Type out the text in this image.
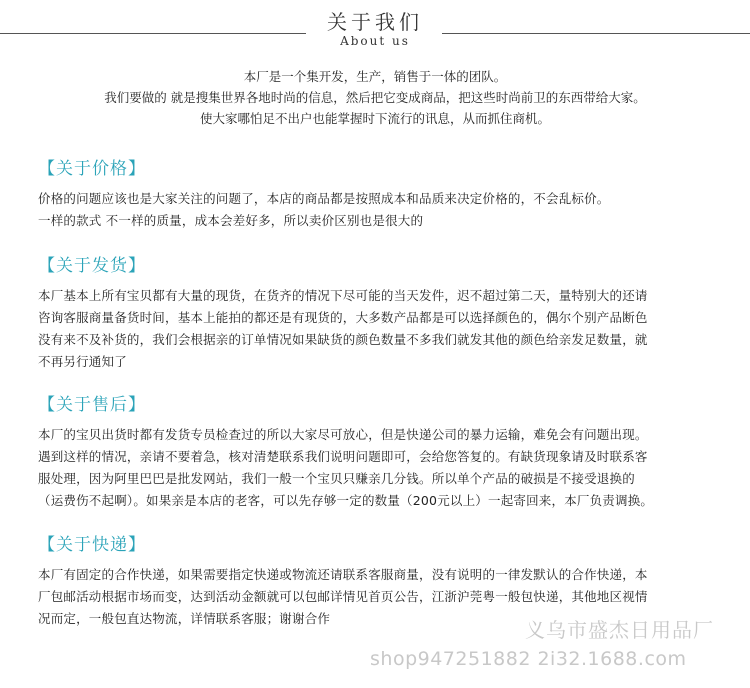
关于我们
About us

本厂是一个集开发，生产，销售于一体的团队。

我们要做的 就是搜集世界各地时尚的信息，然后把它变成商品，把这些时尚前卫的东西带给大家。

使大家哪怕足不出户也能掌握时下流行的讯息，从而抓住商机。

【关于价格】

价格的问题应该也是大家关注的问题了，本店的商品都是按照成本和品质来决定价格的，不会乱标价。

一样的款式 不一样的质量，成本会差好多，所以卖价区别也是很大的

【关于发货】

本厂基本上所有宝贝都有大量的现货，在货齐的情况下尽可能的当天发件，迟不超过第二天，量特别大的还请

咨询客服商量备货时间，基本上能拍的都还是有现货的，大多数产品都是可以选择颜色的，偶尔个别产品断色

没有来不及补货的，我们会根据亲的订单情况如果缺货的颜色数量不多我们就发其他的颜色给亲发足数量，就

不再另行通知了

【关于售后】

本厂的宝贝出货时都有发货专员检查过的所以大家尽可放心，但是快递公司的暴力运输，难免会有问题出现。

遇到这样的情况，亲请不要着急，核对清楚联系我们说明问题即可，会给您答复的。有缺货现象请及时联系客

服处理，因为阿里巴巴是批发网站，我们一般一个宝贝只赚亲几分钱。所以单个产品的破损是不接受退换的

（运费伤不起啊）。如果亲是本店的老客，可以先存够一定的数量（200元以上）一起寄回来，本厂负责调换。

【关于快递】

本厂有固定的合作快递，如果需要指定快递或物流还请联系客服商量，没有说明的一律发默认的合作快递，本

厂包邮活动根据市场而变，达到活动金额就可以包邮详情见首页公告，江浙沪莞粤一般包快递，其他地区视情

况而定，一般包直达物流，详情联系客服；谢谢合作	义乌市盛杰日用品厂
shop947251882 2i32.1688.com
